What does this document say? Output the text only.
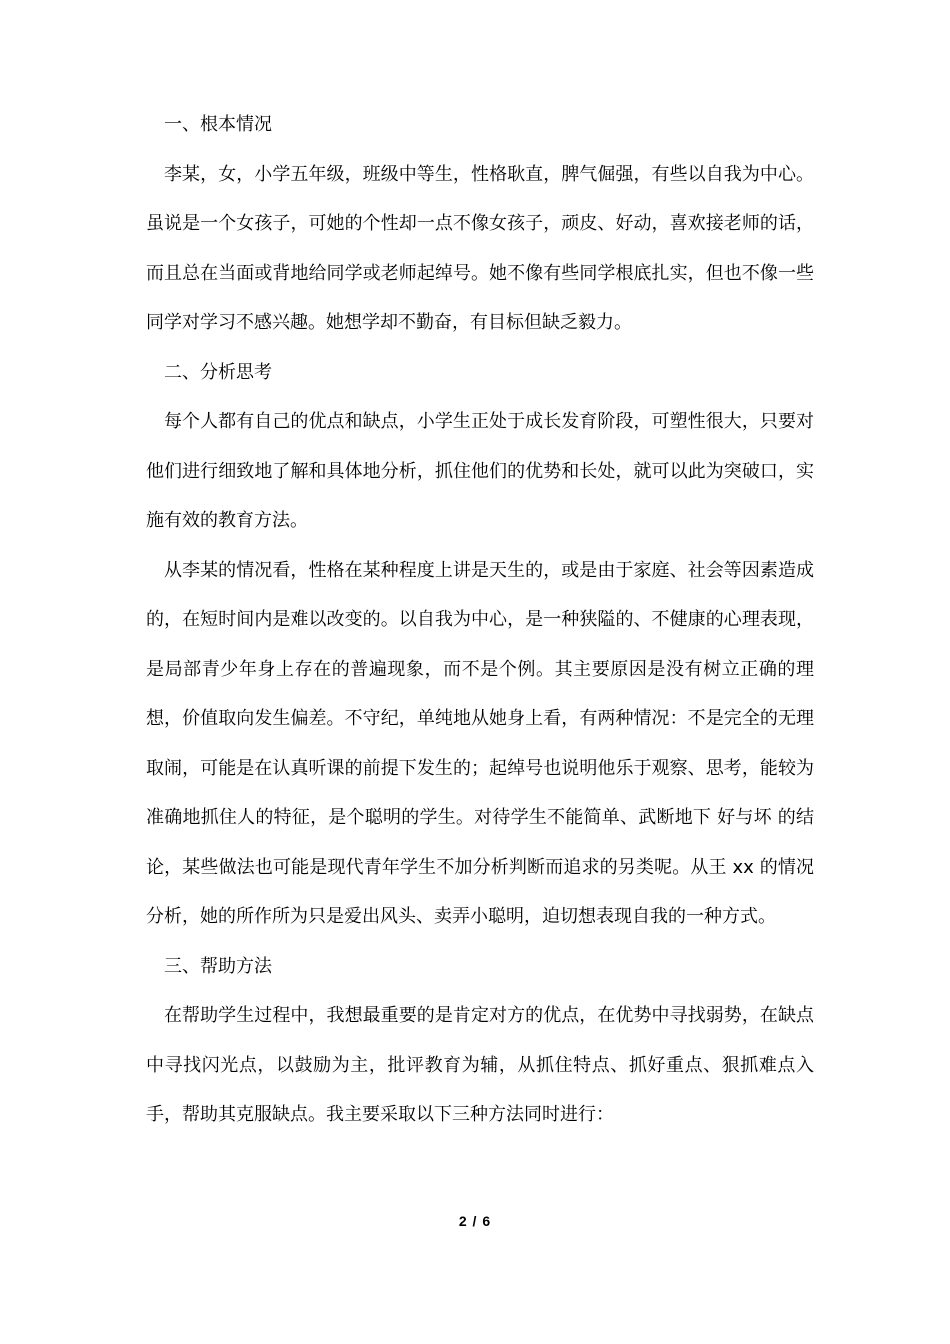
一、根本情况

李某，女，小学五年级，班级中等生，性格耿直，脾气倔强，有些以自我为中心。虽说是一个女孩子，可她的个性却一点不像女孩子，顽皮、好动，喜欢接老师的话，而且总在当面或背地给同学或老师起绰号。她不像有些同学根底扎实，但也不像一些同学对学习不感兴趣。她想学却不勤奋，有目标但缺乏毅力。

二、分析思考

每个人都有自己的优点和缺点，小学生正处于成长发育阶段，可塑性很大，只要对他们进行细致地了解和具体地分析，抓住他们的优势和长处，就可以此为突破口，实施有效的教育方法。

从李某的情况看，性格在某种程度上讲是天生的，或是由于家庭、社会等因素造成的，在短时间内是难以改变的。以自我为中心，是一种狭隘的、不健康的心理表现，是局部青少年身上存在的普遍现象，而不是个例。其主要原因是没有树立正确的理想，价值取向发生偏差。不守纪，单纯地从她身上看，有两种情况：不是完全的无理取闹，可能是在认真听课的前提下发生的；起绰号也说明他乐于观察、思考，能较为准确地抓住人的特征，是个聪明的学生。对待学生不能简单、武断地下 好与坏 的结论，某些做法也可能是现代青年学生不加分析判断而追求的另类呢。从王 xx 的情况分析，她的所作所为只是爱出风头、卖弄小聪明，迫切想表现自我的一种方式。

三、帮助方法

在帮助学生过程中，我想最重要的是肯定对方的优点，在优势中寻找弱势，在缺点中寻找闪光点，以鼓励为主，批评教育为辅，从抓住特点、抓好重点、狠抓难点入手，帮助其克服缺点。我主要采取以下三种方法同时进行：

2 / 6
